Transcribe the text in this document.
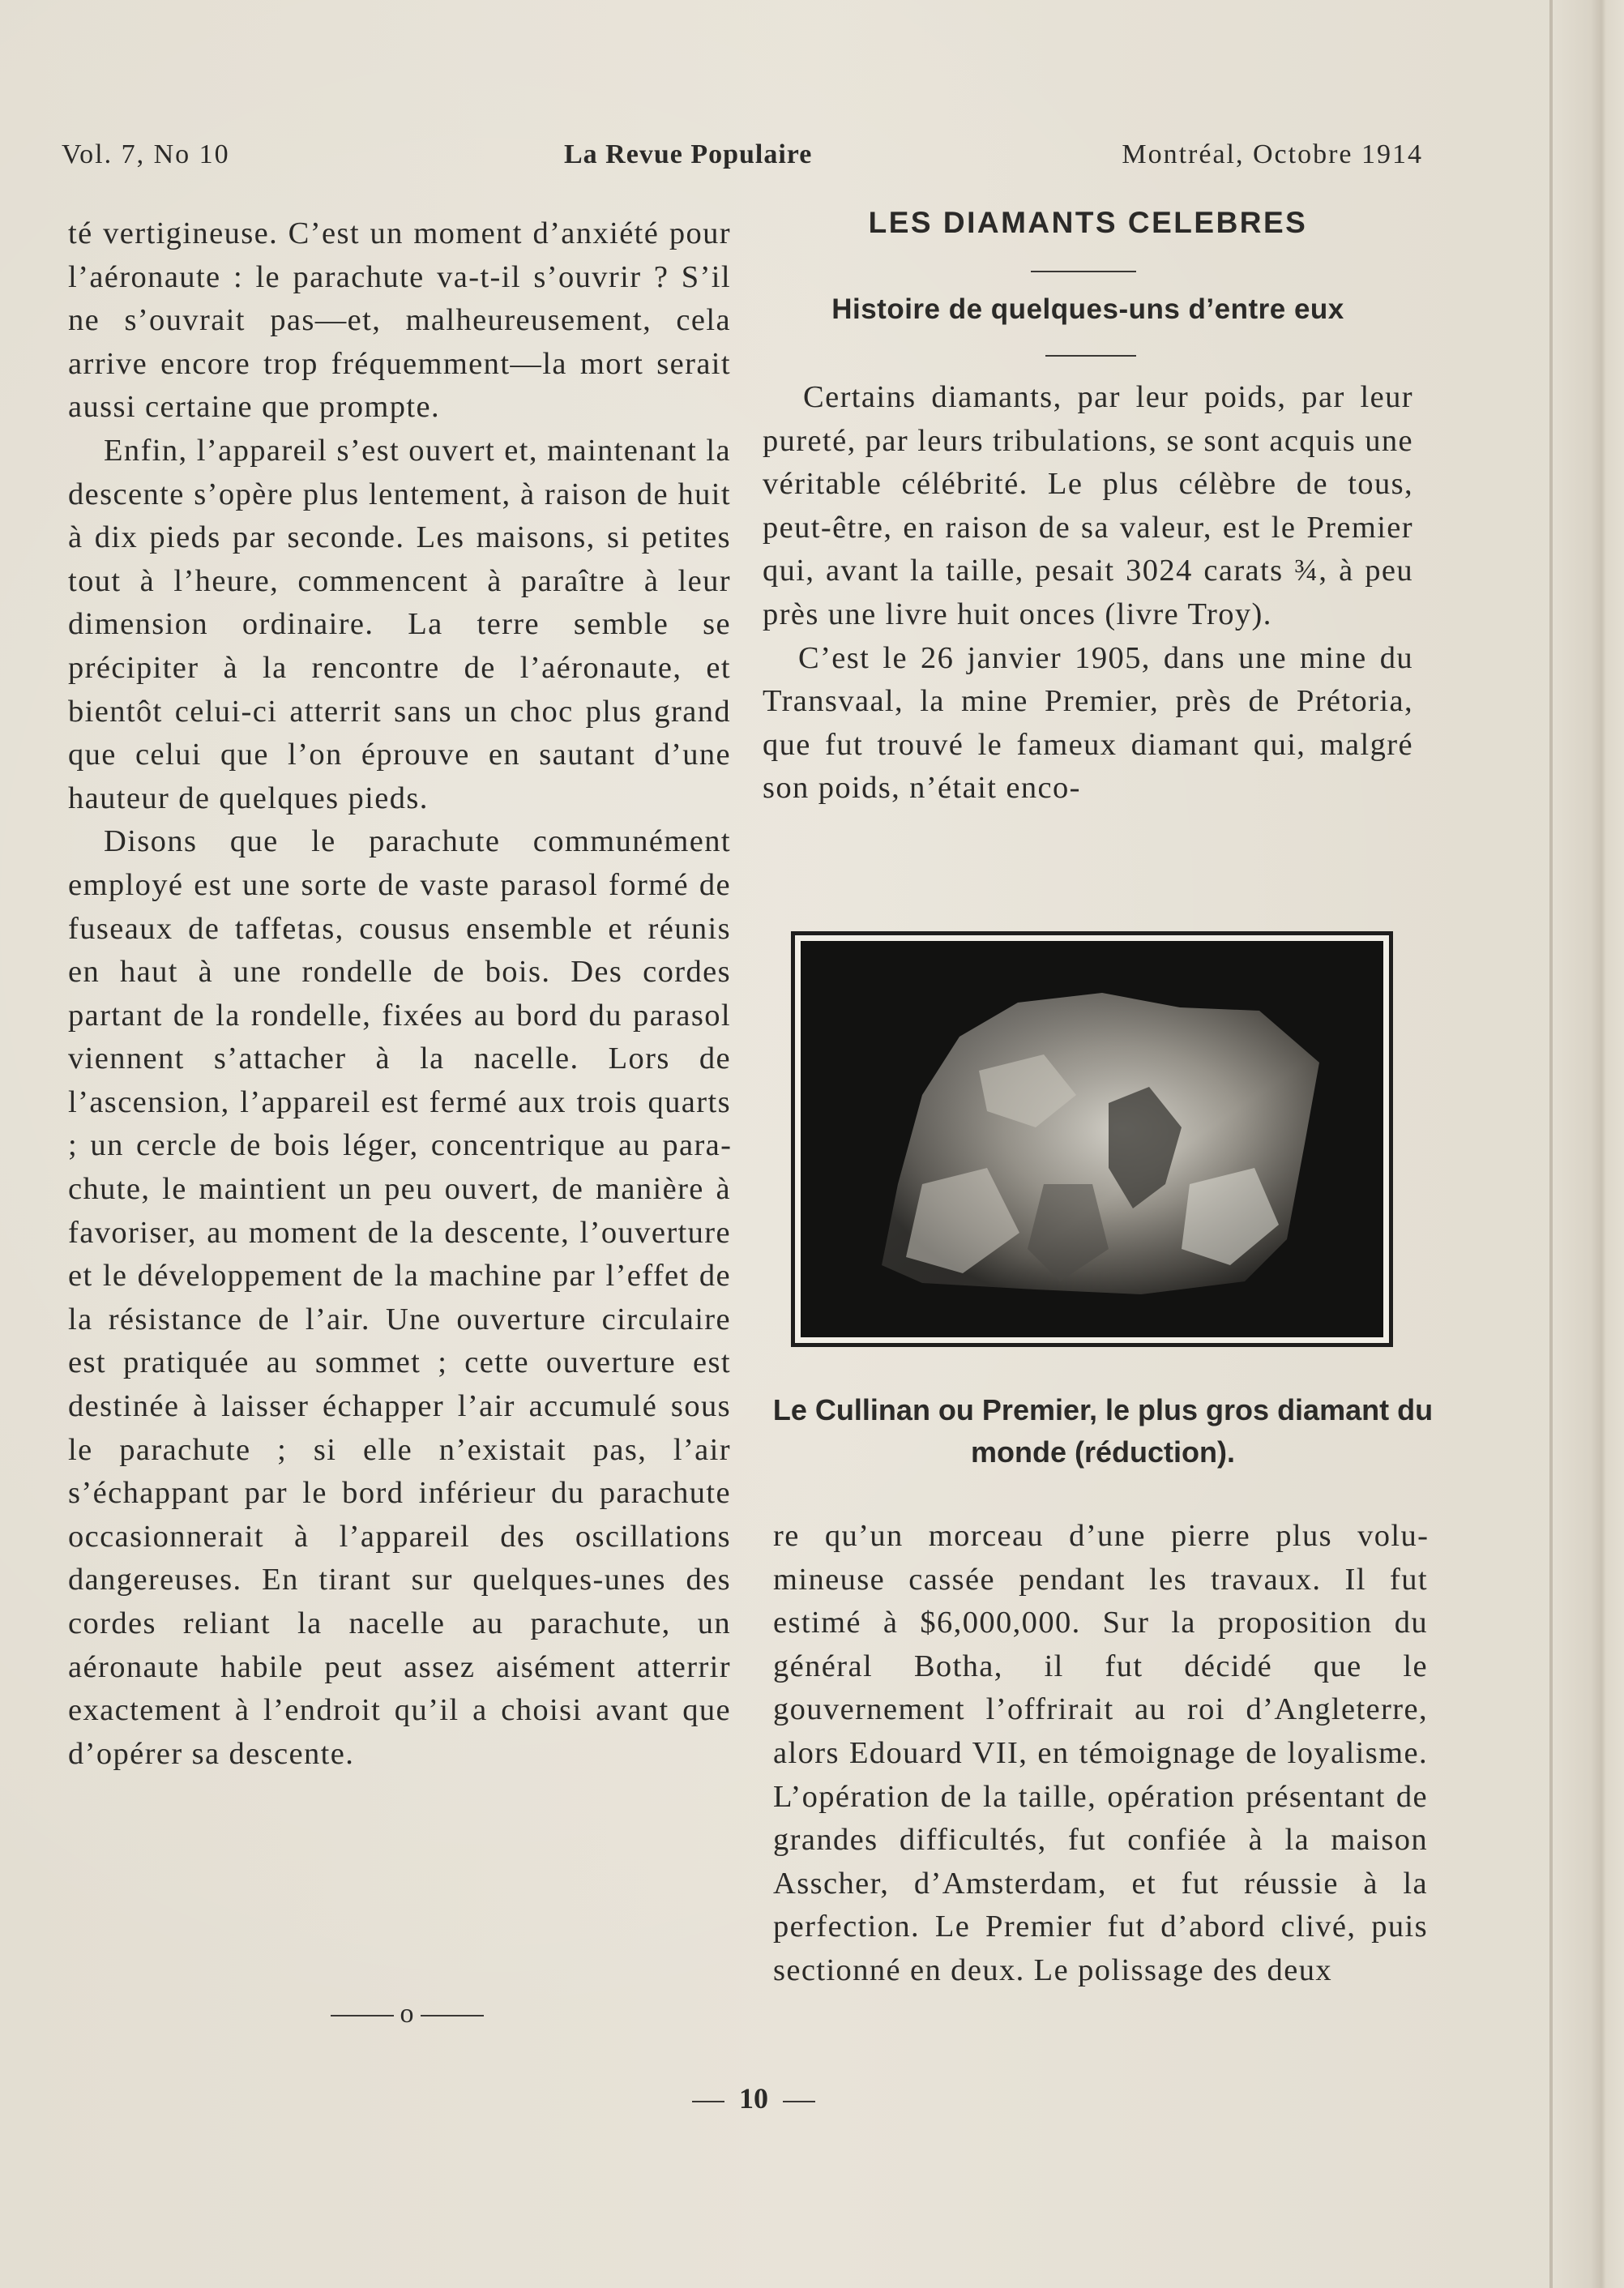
Vol. 7, No 10	La Revue Populaire	Montréal, Octobre 1914

té vertigineuse. C’est un moment d’anxiété pour l’aéronaute : le parachute va-t-il s’ouvrir ? S’il ne s’ouvrait pas—et, malheureusement, cela arrive encore trop fréquemment—la mort serait aussi certaine que prompte.

Enfin, l’appareil s’est ouvert et, maintenant la descente s’opère plus lentement, à raison de huit à dix pieds par seconde. Les maisons, si petites tout à l’heure, commencent à paraître à leur dimension ordinaire. La terre semble se précipiter à la rencontre de l’aéronaute, et bientôt celui-ci atterrit sans un choc plus grand que celui que l’on éprouve en sautant d’une hauteur de quelques pieds.

Disons que le parachute communément employé est une sorte de vaste parasol formé de fuseaux de taffetas, cousus ensemble et réunis en haut à une rondelle de bois. Des cordes partant de la rondelle, fixées au bord du parasol viennent s’attacher à la nacelle. Lors de l’ascension, l’appareil est fermé aux trois quarts ; un cercle de bois léger, concentrique au parachute, le maintient un peu ouvert, de manière à favoriser, au moment de la descente, l’ouverture et le développement de la machine par l’effet de la résistance de l’air. Une ouverture circulaire est pratiquée au sommet ; cette ouverture est destinée à laisser échapper l’air accumulé sous le parachute ; si elle n’existait pas, l’air s’échappant par le bord inférieur du parachute occasionnerait à l’appareil des oscillations dangereuses. En tirant sur quelques-unes des cordes reliant la nacelle au parachute, un aéronaute habile peut assez aisément atterrir exactement à l’endroit qu’il a choisi avant que d’opérer sa descente.

o
LES DIAMANTS CELEBRES
Histoire de quelques-uns d’entre eux

Certains diamants, par leur poids, par leur pureté, par leurs tribulations, se sont acquis une véritable célébrité. Le plus célèbre de tous, peut-être, en raison de sa valeur, est le Premier qui, avant la taille, pesait 3024 carats ¾, à peu près une livre huit onces (livre Troy).

C’est le 26 janvier 1905, dans une mine du Transvaal, la mine Premier, près de Prétoria, que fut trouvé le fameux diamant qui, malgré son poids, n’était enco-

Le Cullinan ou Premier, le plus gros diamant du monde (réduction).

re qu’un morceau d’une pierre plus volumineuse cassée pendant les travaux. Il fut estimé à $6,000,000. Sur la proposition du général Botha, il fut décidé que le gouvernement l’offrirait au roi d’Angleterre, alors Edouard VII, en témoignage de loyalisme. L’opération de la taille, opération présentant de grandes difficultés, fut confiée à la maison Asscher, d’Amsterdam, et fut réussie à la perfection. Le Premier fut d’abord clivé, puis sectionné en deux. Le polissage des deux

10
